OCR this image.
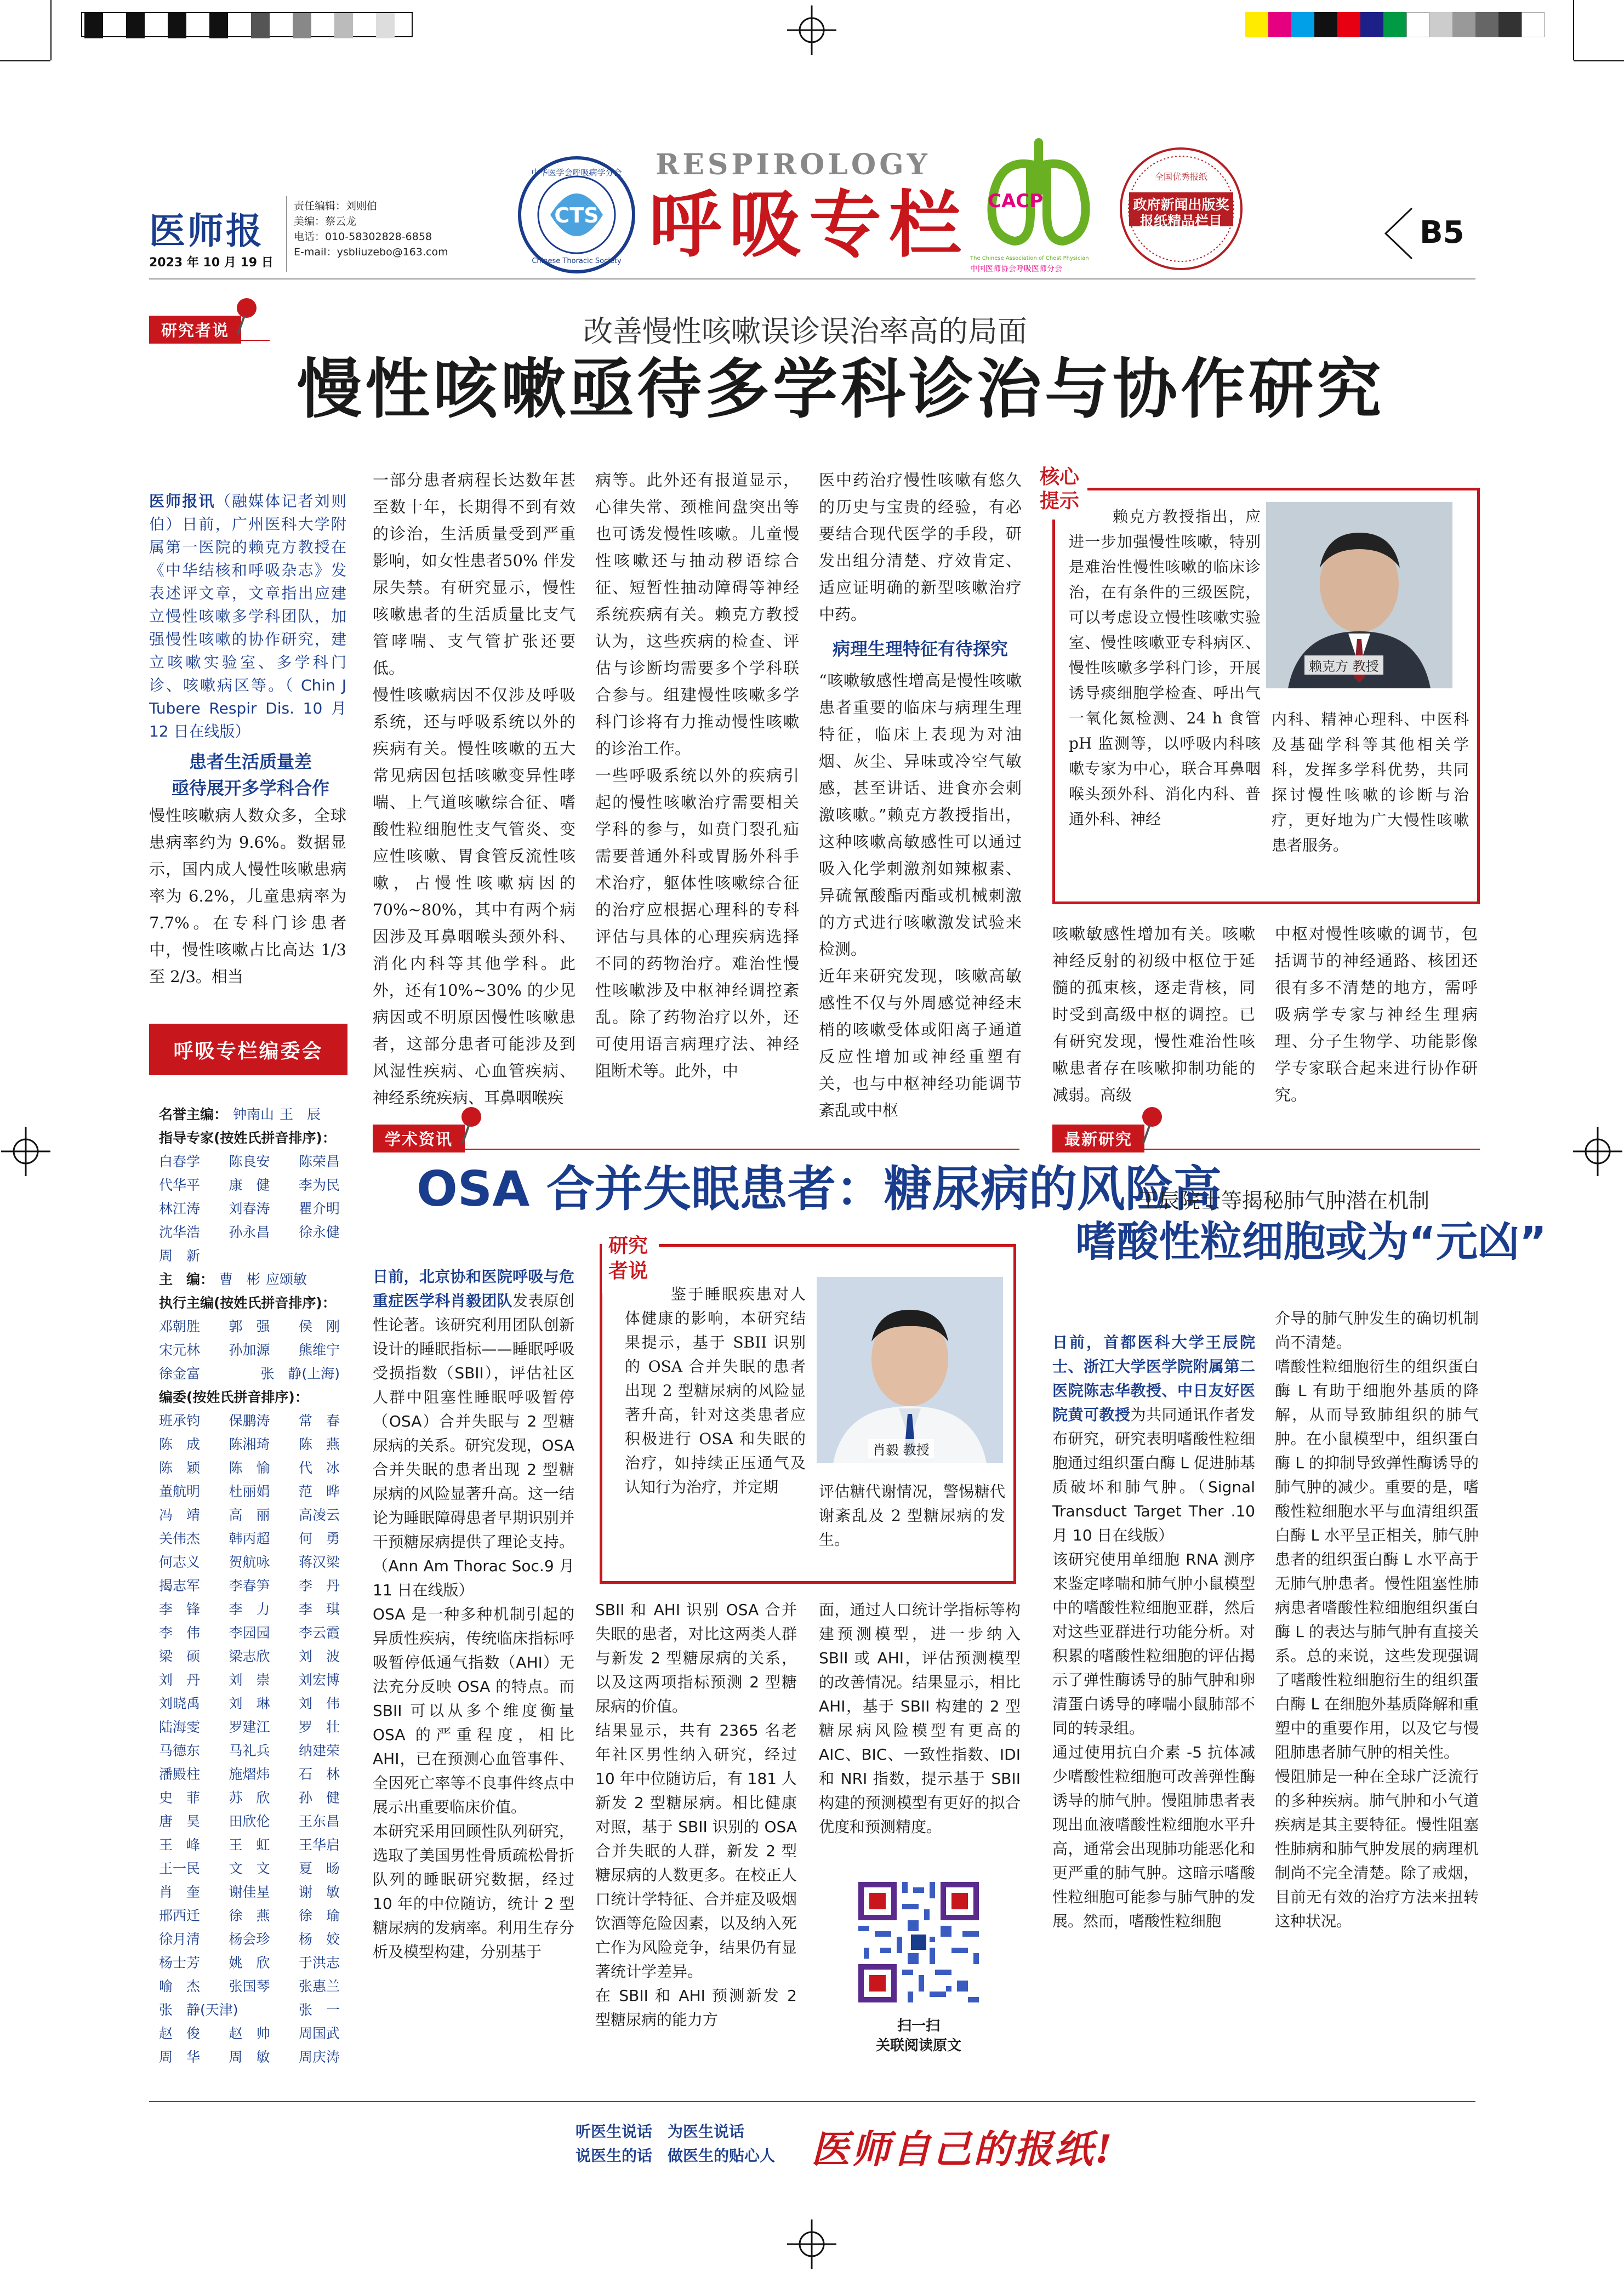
医师报
2023 年 10 月 19 日
责任编辑：刘则伯
美编：蔡云龙
电话：010-58302828-6858
E-mail：ysbliuzebo@163.com
CTS
中华医学会呼吸病学分会
Chinese Thoracic Society
RESPIROLOGY
呼吸专栏 CACP
The Chinese Association of Chest Physician
中国医师协会呼吸医师分会
全国优秀报纸
政府新闻出版奖
报纸精品栏目	B5
研究者说	改善慢性咳嗽误诊误治率高的局面
慢性咳嗽亟待多学科诊治与协作研究

医师报讯（融媒体记者刘则伯）日前，广州医科大学附属第一医院的赖克方教授在《中华结核和呼吸杂志》发表述评文章，文章指出应建立慢性咳嗽多学科团队，加强慢性咳嗽的协作研究，建立咳嗽实验室、多学科门诊、咳嗽病区等。（ Chin J Tubere Respir Dis. 10 月 12 日在线版）

患者生活质量差
亟待展开多学科合作
慢性咳嗽病人数众多，全球患病率约为 9.6%。数据显示，国内成人慢性咳嗽患病率为 6.2%，儿童患病率为 7.7%。在专科门诊患者中，慢性咳嗽占比高达 1/3 至 2/3。相当
一部分患者病程长达数年甚至数十年，长期得不到有效的诊治，生活质量受到严重影响，如女性患者50% 伴发尿失禁。有研究显示，慢性咳嗽患者的生活质量比支气管哮喘、支气管扩张还要低。
慢性咳嗽病因不仅涉及呼吸系统，还与呼吸系统以外的疾病有关。慢性咳嗽的五大常见病因包括咳嗽变异性哮喘、上气道咳嗽综合征、嗜酸性粒细胞性支气管炎、变应性咳嗽、胃食管反流性咳嗽，占慢性咳嗽病因的 70%~80%，其中有两个病因涉及耳鼻咽喉头颈外科、消化内科等其他学科。此外，还有10%~30% 的少见病因或不明原因慢性咳嗽患者，这部分患者可能涉及到风湿性疾病、心血管疾病、神经系统疾病、耳鼻咽喉疾
病等。此外还有报道显示，心律失常、颈椎间盘突出等也可诱发慢性咳嗽。儿童慢性咳嗽还与抽动秽语综合征、短暂性抽动障碍等神经系统疾病有关。赖克方教授认为，这些疾病的检查、评估与诊断均需要多个学科联合参与。组建慢性咳嗽多学科门诊将有力推动慢性咳嗽的诊治工作。
一些呼吸系统以外的疾病引起的慢性咳嗽治疗需要相关学科的参与，如贲门裂孔疝需要普通外科或胃肠外科手术治疗，躯体性咳嗽综合征的治疗应根据心理科的专科评估与具体的心理疾病选择不同的药物治疗。难治性慢性咳嗽涉及中枢神经调控紊乱。除了药物治疗以外，还可使用语言病理疗法、神经阻断术等。此外，中
医中药治疗慢性咳嗽有悠久的历史与宝贵的经验，有必要结合现代医学的手段，研发出组分清楚、疗效肯定、适应证明确的新型咳嗽治疗中药。
病理生理特征有待探究
“咳嗽敏感性增高是慢性咳嗽患者重要的临床与病理生理特征，临床上表现为对油烟、灰尘、异味或冷空气敏感，甚至讲话、进食亦会刺激咳嗽。”赖克方教授指出，这种咳嗽高敏感性可以通过吸入化学刺激剂如辣椒素、异硫氰酸酯丙酯或机械刺激的方式进行咳嗽激发试验来检测。
近年来研究发现，咳嗽高敏感性不仅与外周感觉神经末梢的咳嗽受体或阳离子通道反应性增加或神经重塑有关，也与中枢神经功能调节紊乱或中枢
核心提示
赖克方 教授
赖克方教授指出，应进一步加强慢性咳嗽，特别是难治性慢性咳嗽的临床诊治，在有条件的三级医院，可以考虑设立慢性咳嗽实验室、慢性咳嗽亚专科病区、慢性咳嗽多学科门诊，开展诱导痰细胞学检查、呼出气一氧化氮检测、24 h 食管 pH 监测等，以呼吸内科咳嗽专家为中心，联合耳鼻咽喉头颈外科、消化内科、普通外科、神经
内科、精神心理科、中医科及基础学科等其他相关学科，发挥多学科优势，共同探讨慢性咳嗽的诊断与治疗，更好地为广大慢性咳嗽患者服务。
咳嗽敏感性增加有关。咳嗽神经反射的初级中枢位于延髓的孤束核，逐走背核，同时受到高级中枢的调控。已有研究发现，慢性难治性咳嗽患者存在咳嗽抑制功能的减弱。高级
中枢对慢性咳嗽的调节，包括调节的神经通路、核团还很有多不清楚的地方，需呼吸病学专家与神经生理病理、分子生物学、功能影像学专家联合起来进行协作研究。
呼吸专栏编委会
名誉主编： 钟南山 王　辰
指导专家(按姓氏拼音排序)：
白春学 陈良安 陈荣昌
代华平 康　健 李为民
林江涛 刘春涛 瞿介明
沈华浩 孙永昌 徐永健
周　新
主　编： 曹　彬 应颂敏
执行主编(按姓氏拼音排序)：
邓朝胜 郭　强 侯　刚
宋元林 孙加源 熊维宁
徐金富	张　静(上海)
编委(按姓氏拼音排序)：
班承钧 保鹏涛 常　春
陈　成 陈湘琦 陈　燕
陈　颖 陈　愉 代　冰
董航明 杜丽娟 范　晔
冯　靖 高　丽 高凌云
关伟杰 韩丙超 何　勇
何志义 贺航咏 蒋汉梁
揭志军 李春笋 李　丹
李　锋 李　力 李　琪
李　伟 李园园 李云霞
梁　硕 梁志欣 刘　波
刘　丹 刘　崇 刘宏博
刘晓禹 刘　琳 刘　伟
陆海雯 罗建江 罗　壮
马德东 马礼兵 纳建荣
潘殿柱 施熠炜 石　林
史　菲 苏　欣 孙　健
唐　昊 田欣伦 王东昌
王　峰 王　虹 王华启
王一民 文　文 夏　旸
肖　奎 谢佳星 谢　敏
邢西迁 徐　燕 徐　瑜
徐月清 杨会珍 杨　姣
杨士芳 姚　欣 于洪志
喻　杰 张国琴 张惠兰
张　静(天津)	张　一
赵　俊 赵　帅 周国武
周　华 周　敏 周庆涛
学术资讯
OSA 合并失眠患者：糖尿病的风险高

日前，北京协和医院呼吸与危重症医学科肖毅团队发表原创性论著。该研究利用团队创新设计的睡眠指标——睡眠呼吸受损指数（SBII），评估社区人群中阻塞性睡眠呼吸暂停（OSA）合并失眠与 2 型糖尿病的关系。研究发现，OSA 合并失眠的患者出现 2 型糖尿病的风险显著升高。这一结论为睡眠障碍患者早期识别并干预糖尿病提供了理论支持。（Ann Am Thorac Soc.9 月 11 日在线版）
OSA 是一种多种机制引起的异质性疾病，传统临床指标呼吸暂停低通气指数（AHI）无法充分反映 OSA 的特点。而 SBII 可以从多个维度衡量 OSA 的严重程度，相比 AHI，已在预测心血管事件、全因死亡率等不良事件终点中展示出重要临床价值。
本研究采用回顾性队列研究，选取了美国男性骨质疏松骨折队列的睡眠研究数据，经过 10 年的中位随访，统计 2 型糖尿病的发病率。利用生存分析及模型构建，分别基于

研究者说
鉴于睡眠疾患对人体健康的影响，本研究结果提示，基于 SBII 识别的 OSA 合并失眠的患者出现 2 型糖尿病的风险显著升高，针对这类患者应积极进行 OSA 和失眠的治疗，如持续正压通气及认知行为治疗，并定期
肖毅 教授
评估糖代谢情况，警惕糖代谢紊乱及 2 型糖尿病的发生。
SBII 和 AHI 识别 OSA 合并失眠的患者，对比这两类人群与新发 2 型糖尿病的关系，以及这两项指标预测 2 型糖尿病的价值。
结果显示，共有 2365 名老年社区男性纳入研究，经过 10 年中位随访后，有 181 人新发 2 型糖尿病。相比健康对照，基于 SBII 识别的 OSA 合并失眠的人群，新发 2 型糖尿病的人数更多。在校正人口统计学特征、合并症及吸烟饮酒等危险因素，以及纳入死亡作为风险竞争，结果仍有显著统计学差异。
在 SBII 和 AHI 预测新发 2 型糖尿病的能力方
面，通过人口统计学指标等构建预测模型，进一步纳入 SBII 或 AHI，评估预测模型的改善情况。结果显示，相比 AHI，基于 SBII 构建的 2 型糖尿病风险模型有更高的 AIC、BIC、一致性指数、IDI 和 NRI 指数，提示基于 SBII 构建的预测模型有更好的拟合优度和预测精度。
扫一扫
关联阅读原文
最新研究
王辰院士等揭秘肺气肿潜在机制
嗜酸性粒细胞或为“元凶”

日前，首都医科大学王辰院士、浙江大学医学院附属第二医院陈志华教授、中日友好医院黄可教授为共同通讯作者发布研究，研究表明嗜酸性粒细胞通过组织蛋白酶 L 促进肺基质破坏和肺气肿。（Signal Transduct Target Ther .10 月 10 日在线版）
该研究使用单细胞 RNA 测序来鉴定哮喘和肺气肿小鼠模型中的嗜酸性粒细胞亚群，然后对这些亚群进行功能分析。对积累的嗜酸性粒细胞的评估揭示了弹性酶诱导的肺气肿和卵清蛋白诱导的哮喘小鼠肺部不同的转录组。
通过使用抗白介素 -5 抗体减少嗜酸性粒细胞可改善弹性酶诱导的肺气肿。慢阻肺患者表现出血液嗜酸性粒细胞水平升高，通常会出现肺功能恶化和更严重的肺气肿。这暗示嗜酸性粒细胞可能参与肺气肿的发展。然而，嗜酸性粒细胞

介导的肺气肿发生的确切机制尚不清楚。
嗜酸性粒细胞衍生的组织蛋白酶 L 有助于细胞外基质的降解，从而导致肺组织的肺气肿。在小鼠模型中，组织蛋白酶 L 的抑制导致弹性酶诱导的肺气肿的减少。重要的是，嗜酸性粒细胞水平与血清组织蛋白酶 L 水平呈正相关，肺气肿患者的组织蛋白酶 L 水平高于无肺气肿患者。慢性阻塞性肺病患者嗜酸性粒细胞组织蛋白酶 L 的表达与肺气肿有直接关系。总的来说，这些发现强调了嗜酸性粒细胞衍生的组织蛋白酶 L 在细胞外基质降解和重塑中的重要作用，以及它与慢阻肺患者肺气肿的相关性。
慢阻肺是一种在全球广泛流行的多种疾病。肺气肿和小气道疾病是其主要特征。慢性阻塞性肺病和肺气肿发展的病理机制尚不完全清楚。除了戒烟，目前无有效的治疗方法来扭转这种状况。
听医生说话　为医生说话
说医生的话　做医生的贴心人 医师自己的报纸!
